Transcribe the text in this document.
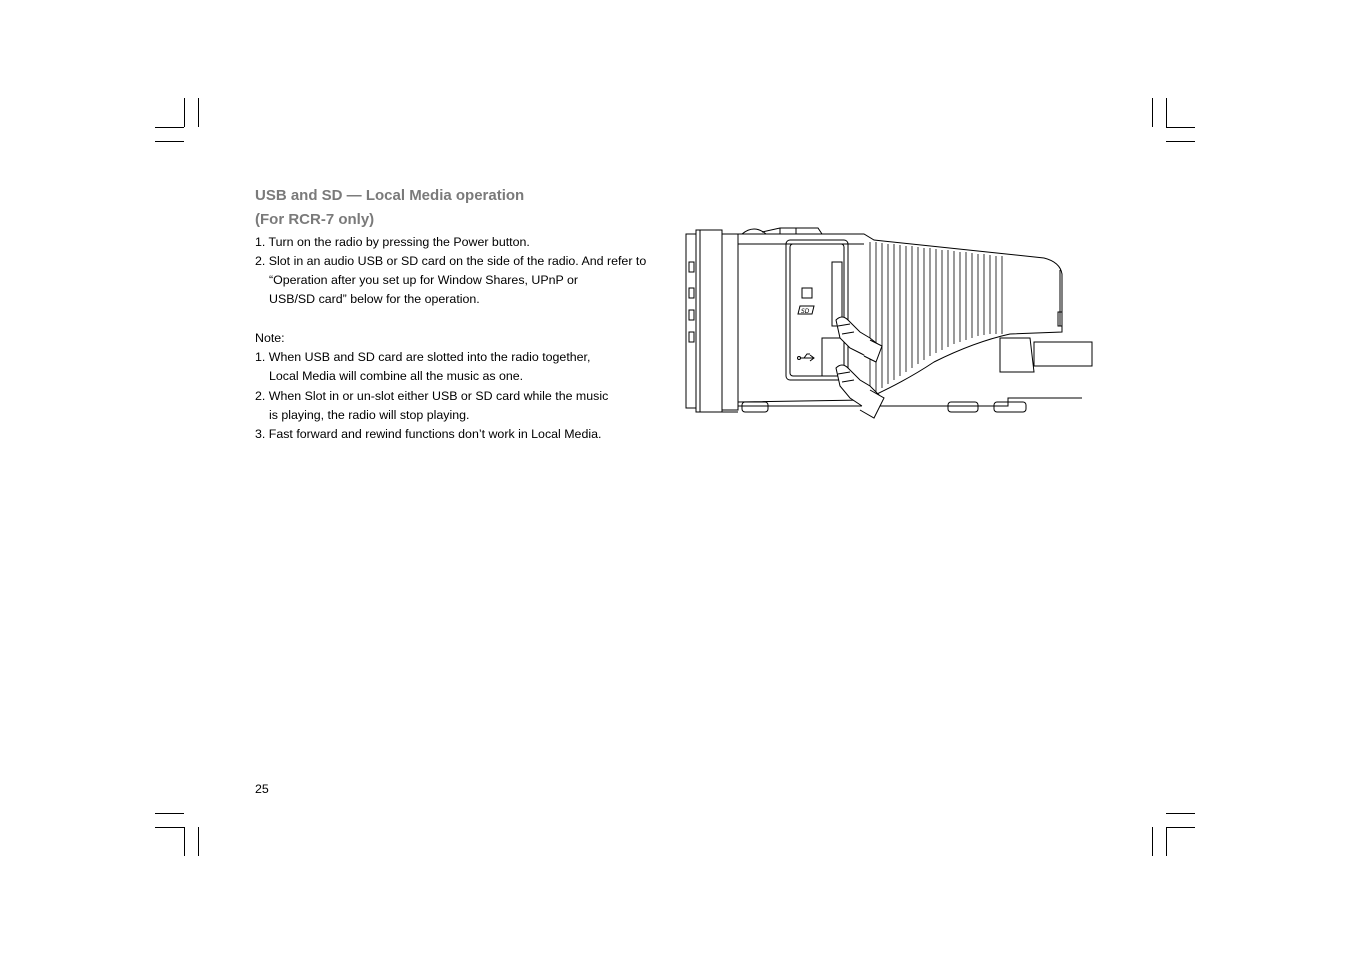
USB and SD — Local Media operation
(For RCR-7 only)
1. Turn on the radio by pressing the Power button.
2. Slot in an audio USB or SD card on the side of the radio. And refer to
“Operation after you set up for Window Shares, UPnP or
USB/SD card” below for the operation.
Note:
1. When USB and SD card are slotted into the radio together,
Local Media will combine all the music as one.
2. When Slot in or un-slot either USB or SD card while the music
is playing, the radio will stop playing.
3. Fast forward and rewind functions don’t work in Local Media.
SD
25
